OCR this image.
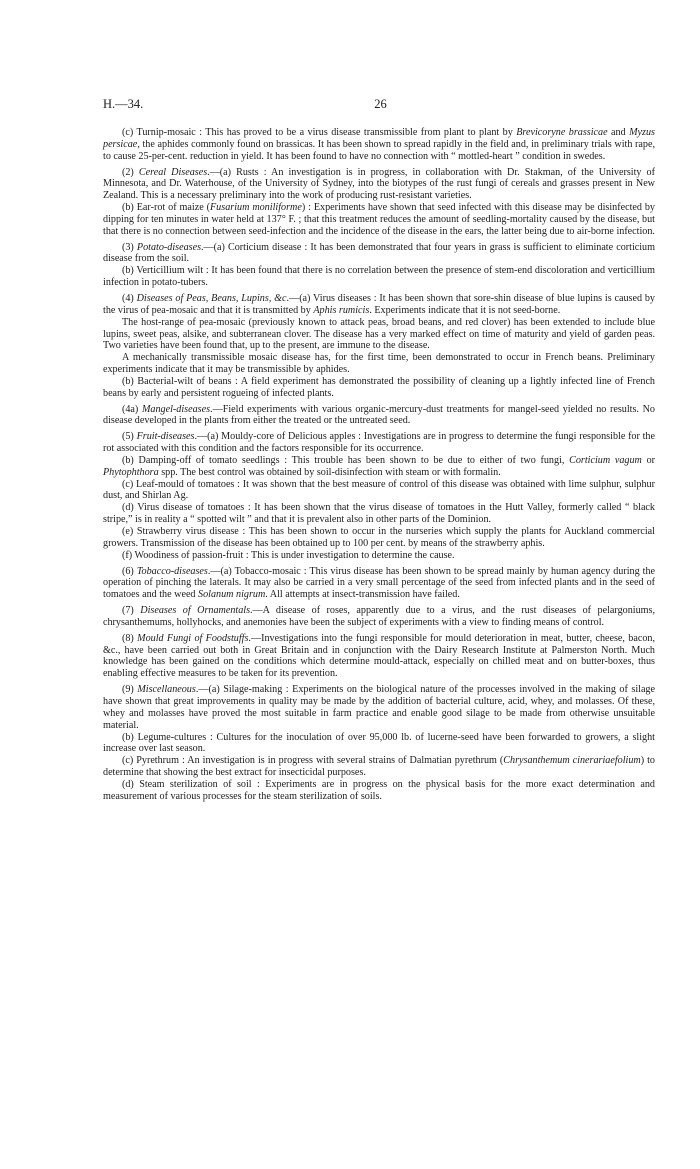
H.—34.	26

(c) Turnip-mosaic : This has proved to be a virus disease transmissible from plant to plant by Brevicoryne brassicae and Myzus persicae, the aphides commonly found on brassicas. It has been shown to spread rapidly in the field and, in preliminary trials with rape, to cause 25-per-cent. reduction in yield. It has been found to have no connection with “ mottled-heart ” condition in swedes.

(2) Cereal Diseases.—(a) Rusts : An investigation is in progress, in collaboration with Dr. Stakman, of the University of Minnesota, and Dr. Waterhouse, of the University of Sydney, into the biotypes of the rust fungi of cereals and grasses present in New Zealand. This is a necessary preliminary into the work of producing rust-resistant varieties.

(b) Ear-rot of maize (Fusarium moniliforme) : Experiments have shown that seed infected with this disease may be disinfected by dipping for ten minutes in water held at 137° F. ; that this treatment reduces the amount of seedling-mortality caused by the disease, but that there is no connection between seed-infection and the incidence of the disease in the ears, the latter being due to air-borne infection.

(3) Potato-diseases.—(a) Corticium disease : It has been demonstrated that four years in grass is sufficient to eliminate corticium disease from the soil.

(b) Verticillium wilt : It has been found that there is no correlation between the presence of stem-end discoloration and verticillium infection in potato-tubers.

(4) Diseases of Peas, Beans, Lupins, &c.—(a) Virus diseases : It has been shown that sore-shin disease of blue lupins is caused by the virus of pea-mosaic and that it is transmitted by Aphis rumicis. Experiments indicate that it is not seed-borne.

The host-range of pea-mosaic (previously known to attack peas, broad beans, and red clover) has been extended to include blue lupins, sweet peas, alsike, and subterranean clover. The disease has a very marked effect on time of maturity and yield of garden peas. Two varieties have been found that, up to the present, are immune to the disease.

A mechanically transmissible mosaic disease has, for the first time, been demonstrated to occur in French beans. Preliminary experiments indicate that it may be transmissible by aphides.

(b) Bacterial-wilt of beans : A field experiment has demonstrated the possibility of cleaning up a lightly infected line of French beans by early and persistent rogueing of infected plants.

(4a) Mangel-diseases.—Field experiments with various organic-mercury-dust treatments for mangel-seed yielded no results. No disease developed in the plants from either the treated or the untreated seed.

(5) Fruit-diseases.—(a) Mouldy-core of Delicious apples : Investigations are in progress to determine the fungi responsible for the rot associated with this condition and the factors responsible for its occurrence.

(b) Damping-off of tomato seedlings : This trouble has been shown to be due to either of two fungi, Corticium vagum or Phytophthora spp. The best control was obtained by soil-disinfection with steam or with formalin.

(c) Leaf-mould of tomatoes : It was shown that the best measure of control of this disease was obtained with lime sulphur, sulphur dust, and Shirlan Ag.

(d) Virus disease of tomatoes : It has been shown that the virus disease of tomatoes in the Hutt Valley, formerly called “ black stripe,” is in reality a “ spotted wilt ” and that it is prevalent also in other parts of the Dominion.

(e) Strawberry virus disease : This has been shown to occur in the nurseries which supply the plants for Auckland commercial growers. Transmission of the disease has been obtained up to 100 per cent. by means of the strawberry aphis.

(f) Woodiness of passion-fruit : This is under investigation to determine the cause.

(6) Tobacco-diseases.—(a) Tobacco-mosaic : This virus disease has been shown to be spread mainly by human agency during the operation of pinching the laterals. It may also be carried in a very small percentage of the seed from infected plants and in the seed of tomatoes and the weed Solanum nigrum. All attempts at insect-transmission have failed.

(7) Diseases of Ornamentals.—A disease of roses, apparently due to a virus, and the rust diseases of pelargoniums, chrysanthemums, hollyhocks, and anemonies have been the subject of experiments with a view to finding means of control.

(8) Mould Fungi of Foodstuffs.—Investigations into the fungi responsible for mould deterioration in meat, butter, cheese, bacon, &c., have been carried out both in Great Britain and in conjunction with the Dairy Research Institute at Palmerston North. Much knowledge has been gained on the conditions which determine mould-attack, especially on chilled meat and on butter-boxes, thus enabling effective measures to be taken for its prevention.

(9) Miscellaneous.—(a) Silage-making : Experiments on the biological nature of the processes involved in the making of silage have shown that great improvements in quality may be made by the addition of bacterial culture, acid, whey, and molasses. Of these, whey and molasses have proved the most suitable in farm practice and enable good silage to be made from otherwise unsuitable material.

(b) Legume-cultures : Cultures for the inoculation of over 95,000 lb. of lucerne-seed have been forwarded to growers, a slight increase over last season.

(c) Pyrethrum : An investigation is in progress with several strains of Dalmatian pyrethrum (Chrysanthemum cinerariaefolium) to determine that showing the best extract for insecticidal purposes.

(d) Steam sterilization of soil : Experiments are in progress on the physical basis for the more exact determination and measurement of various processes for the steam sterilization of soils.
